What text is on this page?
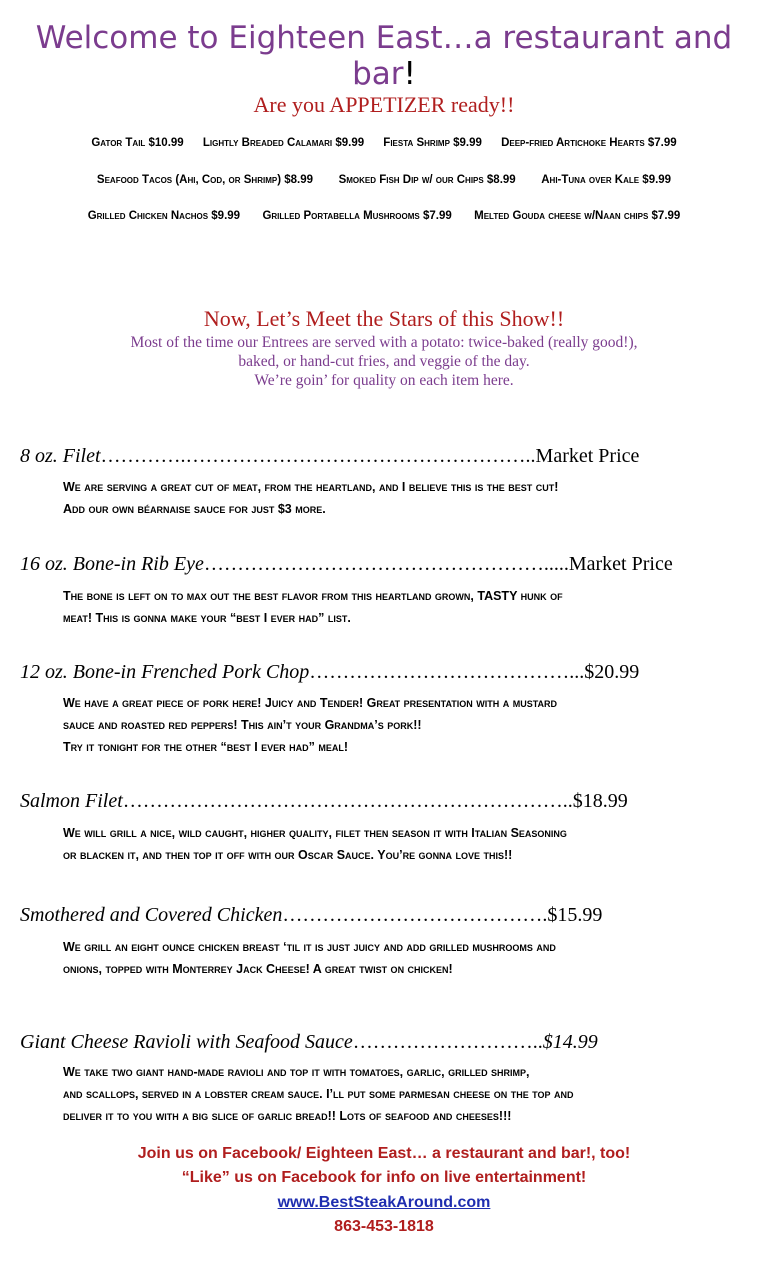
Welcome to Eighteen East…a restaurant and bar!
Are you APPETIZER ready!!
Gator Tail $10.99 Lightly Breaded Calamari $9.99 Fiesta Shrimp $9.99 Deep-fried Artichoke Hearts $7.99
Seafood Tacos (Ahi, Cod, or Shrimp) $8.99 Smoked Fish Dip w/ our Chips $8.99 Ahi-Tuna over Kale $9.99
Grilled Chicken Nachos $9.99 Grilled Portabella Mushrooms $7.99 Melted Gouda cheese w/Naan chips $7.99
Now, Let’s Meet the Stars of this Show!!
Most of the time our Entrees are served with a potato: twice-baked (really good!),
baked, or hand-cut fries, and veggie of the day.
We’re goin’ for quality on each item here.
8 oz. Filet………….……………………………………………..Market Price
We are serving a great cut of meat, from the heartland, and I believe this is the best cut!
Add our own béarnaise sauce for just $3 more.
16 oz. Bone-in Rib Eye…………………………………………….....Market Price
The bone is left on to max out the best flavor from this heartland grown, TASTY hunk of
meat! This is gonna make your “best I ever had” list.
12 oz. Bone-in Frenched Pork Chop…………………………………...$20.99
We have a great piece of pork here! Juicy and Tender! Great presentation with a mustard
sauce and roasted red peppers! This ain’t your Grandma’s pork!!
Try it tonight for the other “best I ever had” meal!
Salmon Filet…………………………………………………………..$18.99
We will grill a nice, wild caught, higher quality, filet then season it with Italian Seasoning
or blacken it, and then top it off with our Oscar Sauce. You’re gonna love this!!
Smothered and Covered Chicken………………………………….$15.99
We grill an eight ounce chicken breast ‘til it is just juicy and add grilled mushrooms and
onions, topped with Monterrey Jack Cheese! A great twist on chicken!
Giant Cheese Ravioli with Seafood Sauce………………………..$14.99
We take two giant hand-made ravioli and top it with tomatoes, garlic, grilled shrimp,
and scallops, served in a lobster cream sauce. I’ll put some parmesan cheese on the top and
deliver it to you with a big slice of garlic bread!! Lots of seafood and cheeses!!!
Join us on Facebook/ Eighteen East… a restaurant and bar!, too!
“Like” us on Facebook for info on live entertainment!
www.BestSteakAround.com
863-453-1818
